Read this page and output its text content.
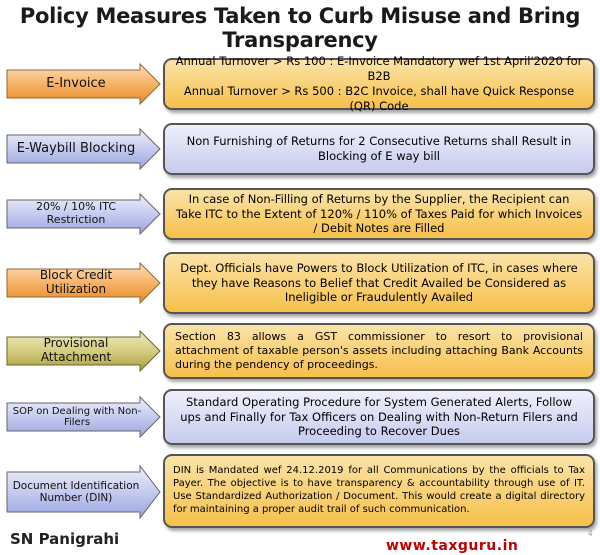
Policy Measures Taken to Curb Misuse and Bring Transparency
E-Invoice
Annual Turnover > Rs 100 : E-Invoice Mandatory wef 1st April'2020 for B2B
Annual Turnover > Rs 500 : B2C Invoice, shall have Quick Response (QR) Code
E-Waybill Blocking	Non Furnishing of Returns for 2 Consecutive Returns shall Result in Blocking of E way bill
20% / 10% ITC Restriction
In case of Non-Filling of Returns by the Supplier, the Recipient can Take ITC to the Extent of 120% / 110% of Taxes Paid for which Invoices / Debit Notes are Filled
Block Credit Utilization
Dept. Officials have Powers to Block Utilization of ITC, in cases where they have Reasons to Belief that Credit Availed be Considered as Ineligible or Fraudulently Availed
Provisional Attachment
Section 83 allows a GST commissioner to resort to provisional attachment of taxable person's assets including attaching Bank Accounts during the pendency of proceedings.
SOP on Dealing with Non-Filers
Standard Operating Procedure for System Generated Alerts, Follow ups and Finally for Tax Officers on Dealing with Non-Return Filers and Proceeding to Recover Dues
Document Identification Number (DIN)
DIN is Mandated wef 24.12.2019 for all Communications by the officials to Tax Payer. The objective is to have transparency & accountability through use of IT. Use Standardized Authorization / Document. This would create a digital directory for maintaining a proper audit trail of such communication.
SN Panigrahi	www.taxguru.in
4
